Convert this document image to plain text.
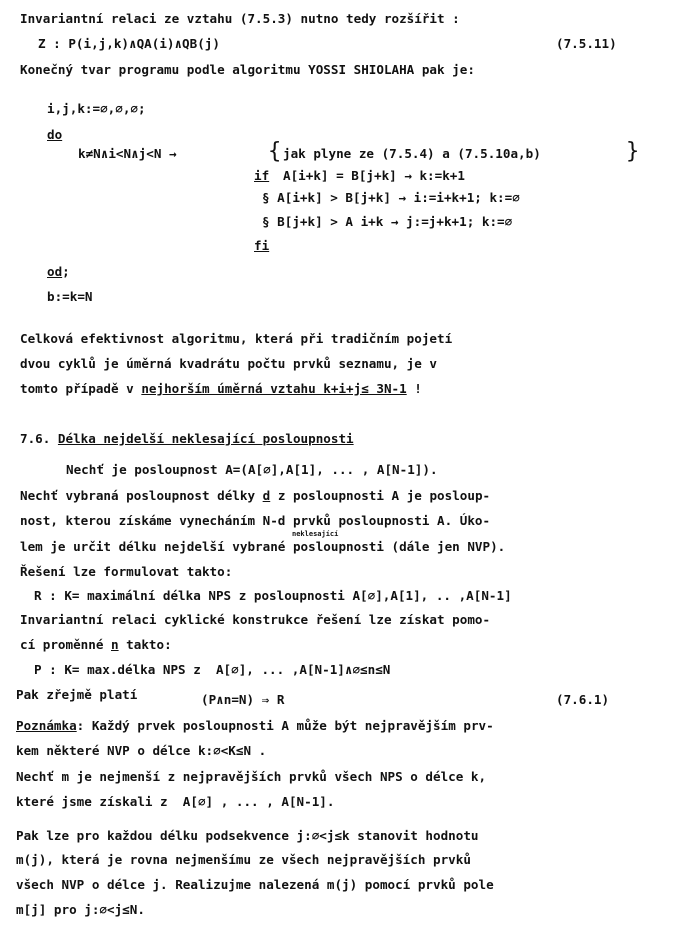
Invariantní relaci ze vztahu (7.5.3) nutno tedy rozšířit :
Z : P(i,j,k)∧QA(i)∧QB(j)	(7.5.11)
Konečný tvar programu podle algoritmu YOSSI SHIOLAHA pak je:
i,j,k:=∅,∅,∅;
do
k≠N∧i<N∧j<N →	{ jak plyne ze (7.5.4) a (7.5.10a,b)	}
if A[i+k] = B[j+k] → k:=k+1
§ A[i+k] > B[j+k] → i:=i+k+1; k:=∅
§ B[j+k] > A i+k → j:=j+k+1; k:=∅
fi
od;
b:=k=N
Celková efektivnost algoritmu, která při tradičním pojetí
dvou cyklů je úměrná kvadrátu počtu prvků seznamu, je v
tomto případě v nejhorším úměrná vztahu k+i+j≤ 3N-1 !
7.6. Délka nejdelší neklesající posloupnosti
Nechť je posloupnost A=(A[∅],A[1], ... , A[N-1]).
Nechť vybraná posloupnost délky d z posloupnosti A je posloup-
nost, kterou získáme vynecháním N-d prvků posloupnosti A. Úko-
neklesající
lem je určit délku nejdelší vybrané posloupnosti (dále jen NVP).
Řešení lze formulovat takto:
R : K= maximální délka NPS z posloupnosti A[∅],A[1], .. ,A[N-1]
Invariantní relaci cyklické konstrukce řešení lze získat pomo-
cí proměnné n takto:
P : K= max.délka NPS z  A[∅], ... ,A[N-1]∧∅≤n≤N
Pak zřejmě platí	(P∧n=N) ⇒ R	(7.6.1)
Poznámka: Každý prvek posloupnosti A může být nejpravějším prv-
kem některé NVP o délce k:∅<K≤N .
Nechť m je nejmenší z nejpravějších prvků všech NPS o délce k,
které jsme získali z  A[∅] , ... , A[N-1].
Pak lze pro každou délku podsekvence j:∅<j≤k stanovit hodnotu
m(j), která je rovna nejmenšímu ze všech nejpravějších prvků
všech NVP o délce j. Realizujme nalezená m(j) pomocí prvků pole
m[j] pro j:∅<j≤N.
